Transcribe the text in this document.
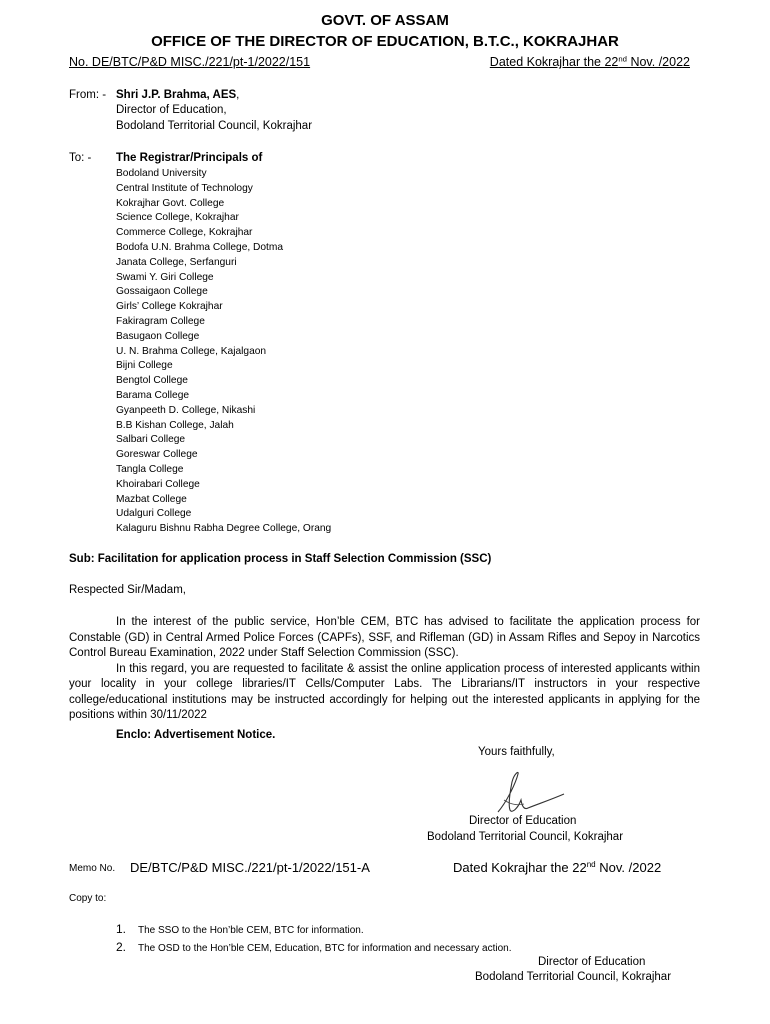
GOVT. OF ASSAM
OFFICE OF THE DIRECTOR OF EDUCATION, B.T.C., KOKRAJHAR
No. DE/BTC/P&D MISC./221/pt-1/2022/151	Dated Kokrajhar the 22nd Nov. /2022
From: - Shri J.P. Brahma, AES,
Director of Education,
Bodoland Territorial Council, Kokrajhar
To: - The Registrar/Principals of
Bodoland University
Central Institute of Technology
Kokrajhar Govt. College
Science College, Kokrajhar
Commerce College, Kokrajhar
Bodofa U.N. Brahma College, Dotma
Janata College, Serfanguri
Swami Y. Giri College
Gossaigaon College
Girls’ College Kokrajhar
Fakiragram College
Basugaon College
U. N. Brahma College, Kajalgaon
Bijni College
Bengtol College
Barama College
Gyanpeeth D. College, Nikashi
B.B Kishan College, Jalah
Salbari College
Goreswar College
Tangla College
Khoirabari College
Mazbat College
Udalguri College
Kalaguru Bishnu Rabha Degree College, Orang
Sub: Facilitation for application process in Staff Selection Commission (SSC)
Respected Sir/Madam,

In the interest of the public service, Hon’ble CEM, BTC has advised to facilitate the application process for Constable (GD) in Central Armed Police Forces (CAPFs), SSF, and Rifleman (GD) in Assam Rifles and Sepoy in Narcotics Control Bureau Examination, 2022 under Staff Selection Commission (SSC).

In this regard, you are requested to facilitate & assist the online application process of interested applicants within your locality in your college libraries/IT Cells/Computer Labs. The Librarians/IT instructors in your respective college/educational institutions may be instructed accordingly for helping out the interested applicants in applying for the positions within 30/11/2022

Enclo: Advertisement Notice.
Yours faithfully,
Director of Education
Bodoland Territorial Council, Kokrajhar
Memo No. DE/BTC/P&D MISC./221/pt-1/2022/151-A	Dated Kokrajhar the 22nd Nov. /2022
Copy to:
1. The SSO to the Hon’ble CEM, BTC for information.
2. The OSD to the Hon’ble CEM, Education, BTC for information and necessary action.
Director of Education
Bodoland Territorial Council, Kokrajhar
